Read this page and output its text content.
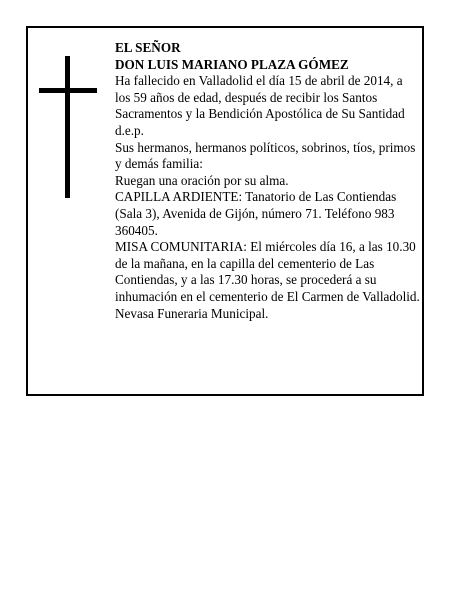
EL SEÑOR

DON LUIS MARIANO PLAZA GÓMEZ

Ha fallecido en Valladolid el día 15 de abril de 2014, a los 59 años de edad, después de recibir los Santos Sacramentos y la Bendición Apostólica de Su Santidad d.e.p.

Sus hermanos, hermanos políticos, sobrinos, tíos, primos y demás familia:

Ruegan una oración por su alma.

CAPILLA ARDIENTE: Tanatorio de Las Contiendas (Sala 3), Avenida de Gijón, número 71. Teléfono 983 360405.

MISA COMUNITARIA: El miércoles día 16, a las 10.30 de la mañana, en la capilla del cementerio de Las Contiendas, y a las 17.30 horas, se procederá a su inhumación en el cementerio de El Carmen de Valladolid.

Nevasa Funeraria Municipal.
